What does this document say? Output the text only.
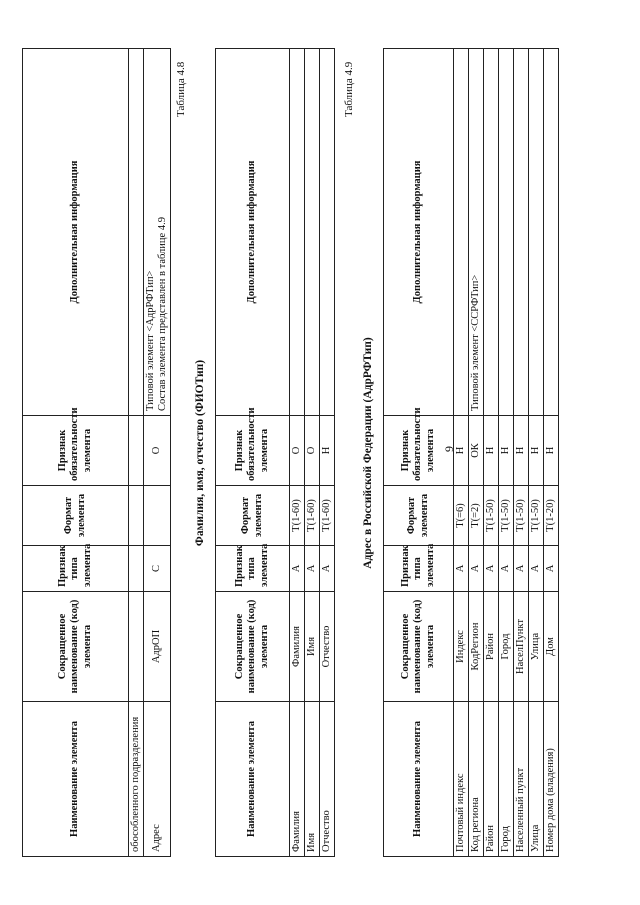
9
Наименование элемента	Сокращенное наименование (код) элемента	Признак типа элемента	Формат элемента	Признак обязательности элемента	Дополнительная информация
обособленного подразделения					
Адрес	АдрОП	С		О	Типовой элемент <АдрРФТип>
Состав элемента представлен в таблице 4.9
Таблица 4.8
Фамилия, имя, отчество (ФИОТип)
Наименование элемента	Сокращенное наименование (код) элемента	Признак типа элемента	Формат элемента	Признак обязательности элемента	Дополнительная информация
Фамилия	Фамилия	А	T(1-60)	О	
Имя	Имя	А	T(1-60)	О	
Отчество	Отчество	А	T(1-60)	Н	
Таблица 4.9
Адрес в Российской Федерации (АдрРФТип)
Наименование элемента	Сокращенное наименование (код) элемента	Признак типа элемента	Формат элемента	Признак обязательности элемента	Дополнительная информация
Почтовый индекс	Индекс	А	T(=6)	Н	
Код региона	КодРегион	А	T(=2)	ОК	Типовой элемент <ССРФТип>
Район	Район	А	T(1-50)	Н	
Город	Город	А	T(1-50)	Н	
Населенный пункт	НаселПункт	А	T(1-50)	Н	
Улица	Улица	А	T(1-50)	Н	
Номер дома (владения)	Дом	А	T(1-20)	Н	
